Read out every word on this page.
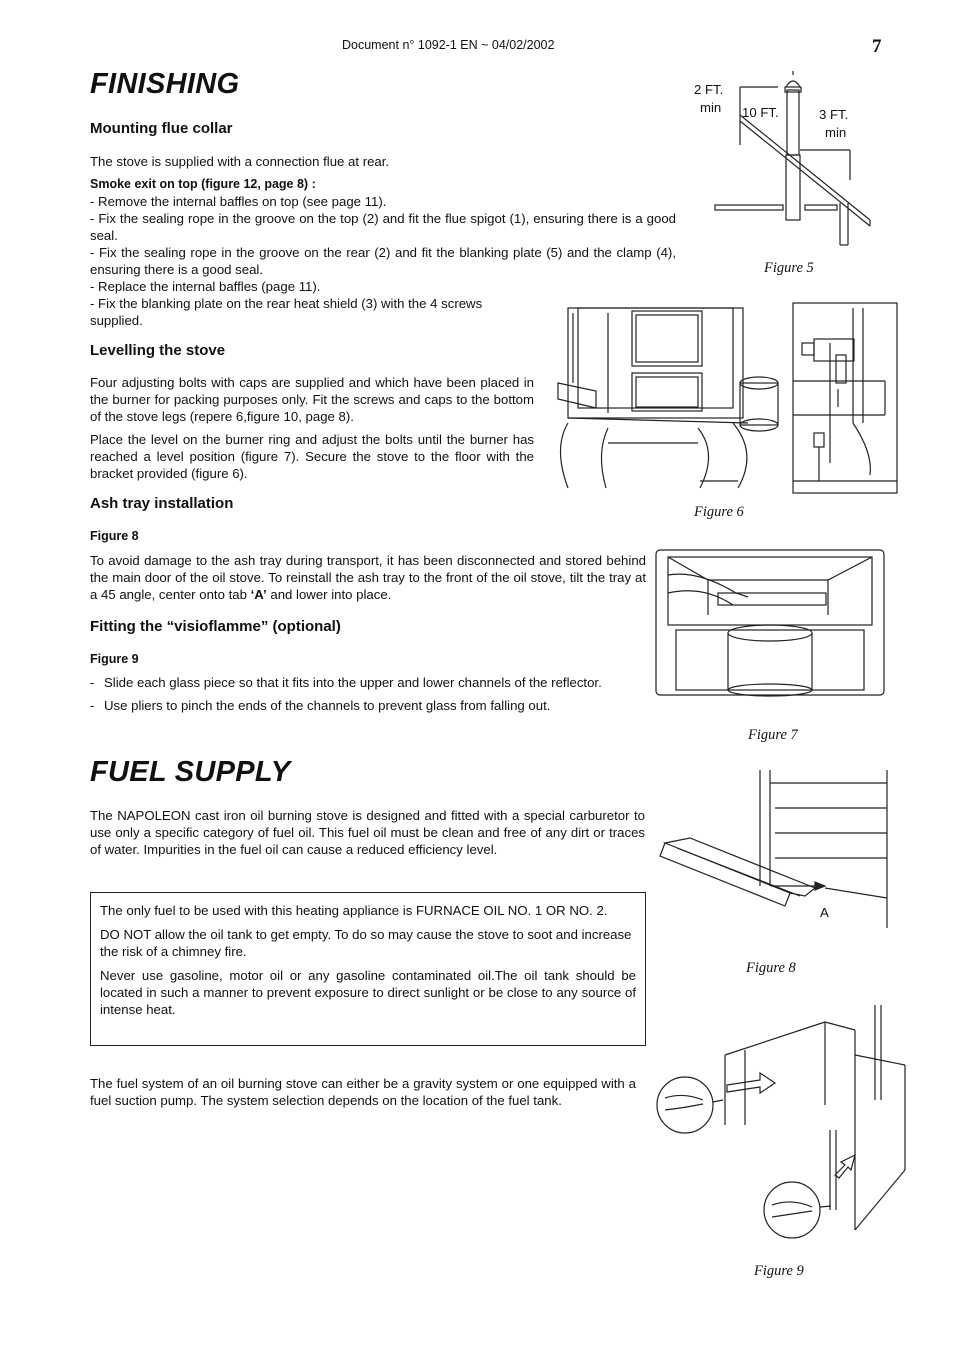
Document n° 1092-1 EN ~ 04/02/2002	7
FINISHING
Mounting flue collar

The stove is supplied with a connection flue at rear.

Smoke exit on top (figure 12, page 8) :

- Remove the internal baffles on top (see page 11).

- Fix the sealing rope in the groove on the top (2) and fit the flue spigot (1), ensuring there is a good seal.

- Fix the sealing rope in the groove on the rear (2) and fit the blanking plate (5) and the clamp (4), ensuring there is a good seal.

- Replace the internal baffles (page 11).

- Fix the blanking plate on the rear heat shield (3) with the 4 screws supplied.

Levelling the stove

Four adjusting bolts with caps are supplied and which have been placed in the burner for packing purposes only. Fit the screws and caps to the bottom of the stove legs (repere 6,figure 10, page 8).

Place the level on the burner ring and adjust the bolts until the burner has reached a level position (figure 7). Secure the stove to the floor with the bracket provided (figure 6).

Ash tray installation
Figure 8

To avoid damage to the ash tray during transport, it has been disconnected and stored behind the main door of the oil stove. To reinstall the ash tray to the front of the oil stove, tilt the tray at a 45 angle, center onto tab ‘A’ and lower into place.

Fitting the “visioflamme” (optional)
Figure 9
- Slide each glass piece so that it fits into the upper and lower channels of the reflector.
- Use pliers to pinch the ends of the channels to prevent glass from falling out.
FUEL SUPPLY

The NAPOLEON cast iron oil burning stove is designed and fitted with a special carburetor to use only a specific category of fuel oil. This fuel oil must be clean and free of any dirt or traces of water. Impurities in the fuel oil can cause a reduced efficiency level.

The only fuel to be used with this heating appliance is FURNACE OIL NO. 1 OR NO. 2.

DO NOT allow the oil tank to get empty. To do so may cause the stove to soot and increase the risk of a chimney fire.

Never use gasoline, motor oil or any gasoline contaminated oil.The oil tank should be located in such a manner to prevent exposure to direct sunlight or be close to any source of intense heat.

The fuel system of an oil burning stove can either be a gravity system or one equipped with a fuel suction pump. The system selection depends on the location of the fuel tank.

2 FT.
min 10 FT.	3 FT.
min
Figure 5
Figure 6
Figure 7
A
Figure 8
Figure 9
